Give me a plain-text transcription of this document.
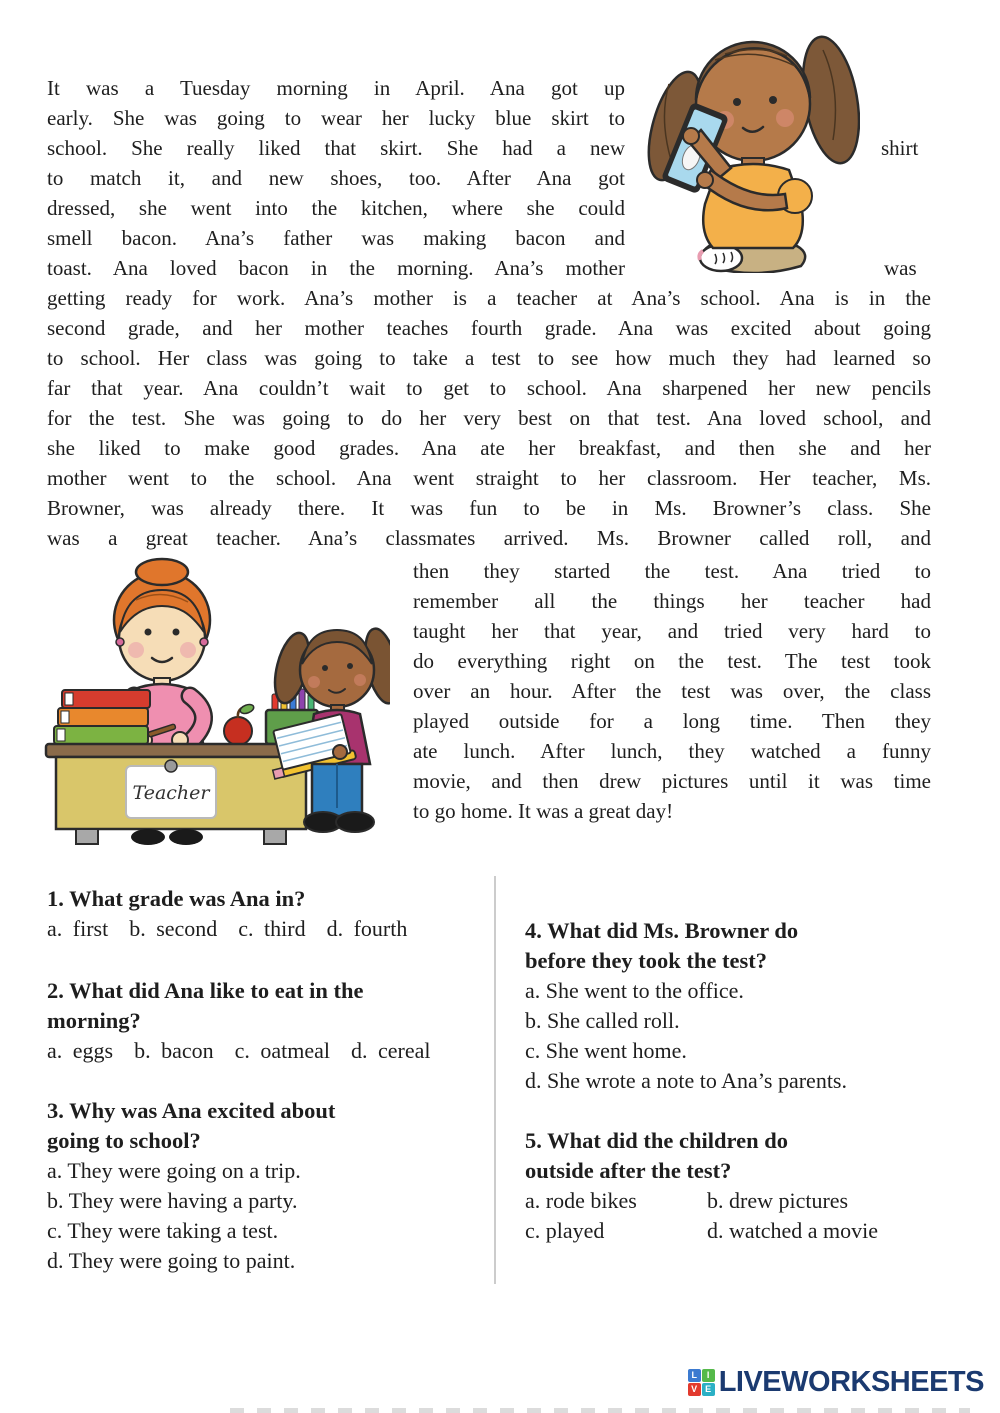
It was a Tuesday morning in April. Ana got up
early. She was going to wear her lucky blue skirt to
school. She really liked that skirt. She had a new
to match it, and new shoes, too. After Ana got
dressed, she went into the kitchen, where she could
smell bacon. Ana’s father was making bacon and
toast. Ana loved bacon in the morning. Ana’s mother
shirt
was
getting ready for work. Ana’s mother is a teacher at Ana’s school. Ana is in the
second grade, and her mother teaches fourth grade. Ana was excited about going
to school. Her class was going to take a test to see how much they had learned so
far that year. Ana couldn’t wait to get to school. Ana sharpened her new pencils
for the test. She was going to do her very best on that test. Ana loved school, and
she liked to make good grades. Ana ate her breakfast, and then she and her
mother went to the school. Ana went straight to her classroom. Her teacher, Ms.
Browner, was already there. It was fun to be in Ms. Browner’s class. She
was a great teacher. Ana’s classmates arrived. Ms. Browner called roll, and
then they started the test. Ana tried to
remember all the things her teacher had
taught her that year, and tried very hard to
do everything right on the test. The test took
over an hour. After the test was over, the class
played outside for a long time. Then they
ate lunch. After lunch, they watched a funny
movie, and then drew pictures until it was time
to go home. It was a great day!
Teacher
1. What grade was Ana in?
a. first  b. second  c. third  d. fourth
2. What did Ana like to eat in the
morning?
a. eggs  b. bacon  c. oatmeal  d. cereal
3. Why was Ana excited about
going to school?
a. They were going on a trip.
b. They were having a party.
c. They were taking a test.
d. They were going to paint.
4. What did Ms. Browner do
before they took the test?
a. She went to the office.
b. She called roll.
c. She went home.
d. She wrote a note to Ana’s parents.
5. What did the children do
outside after the test?
a. rode bikes	b. drew pictures
c. played	d. watched a movie
L	I
V E LIVEWORKSHEETS
